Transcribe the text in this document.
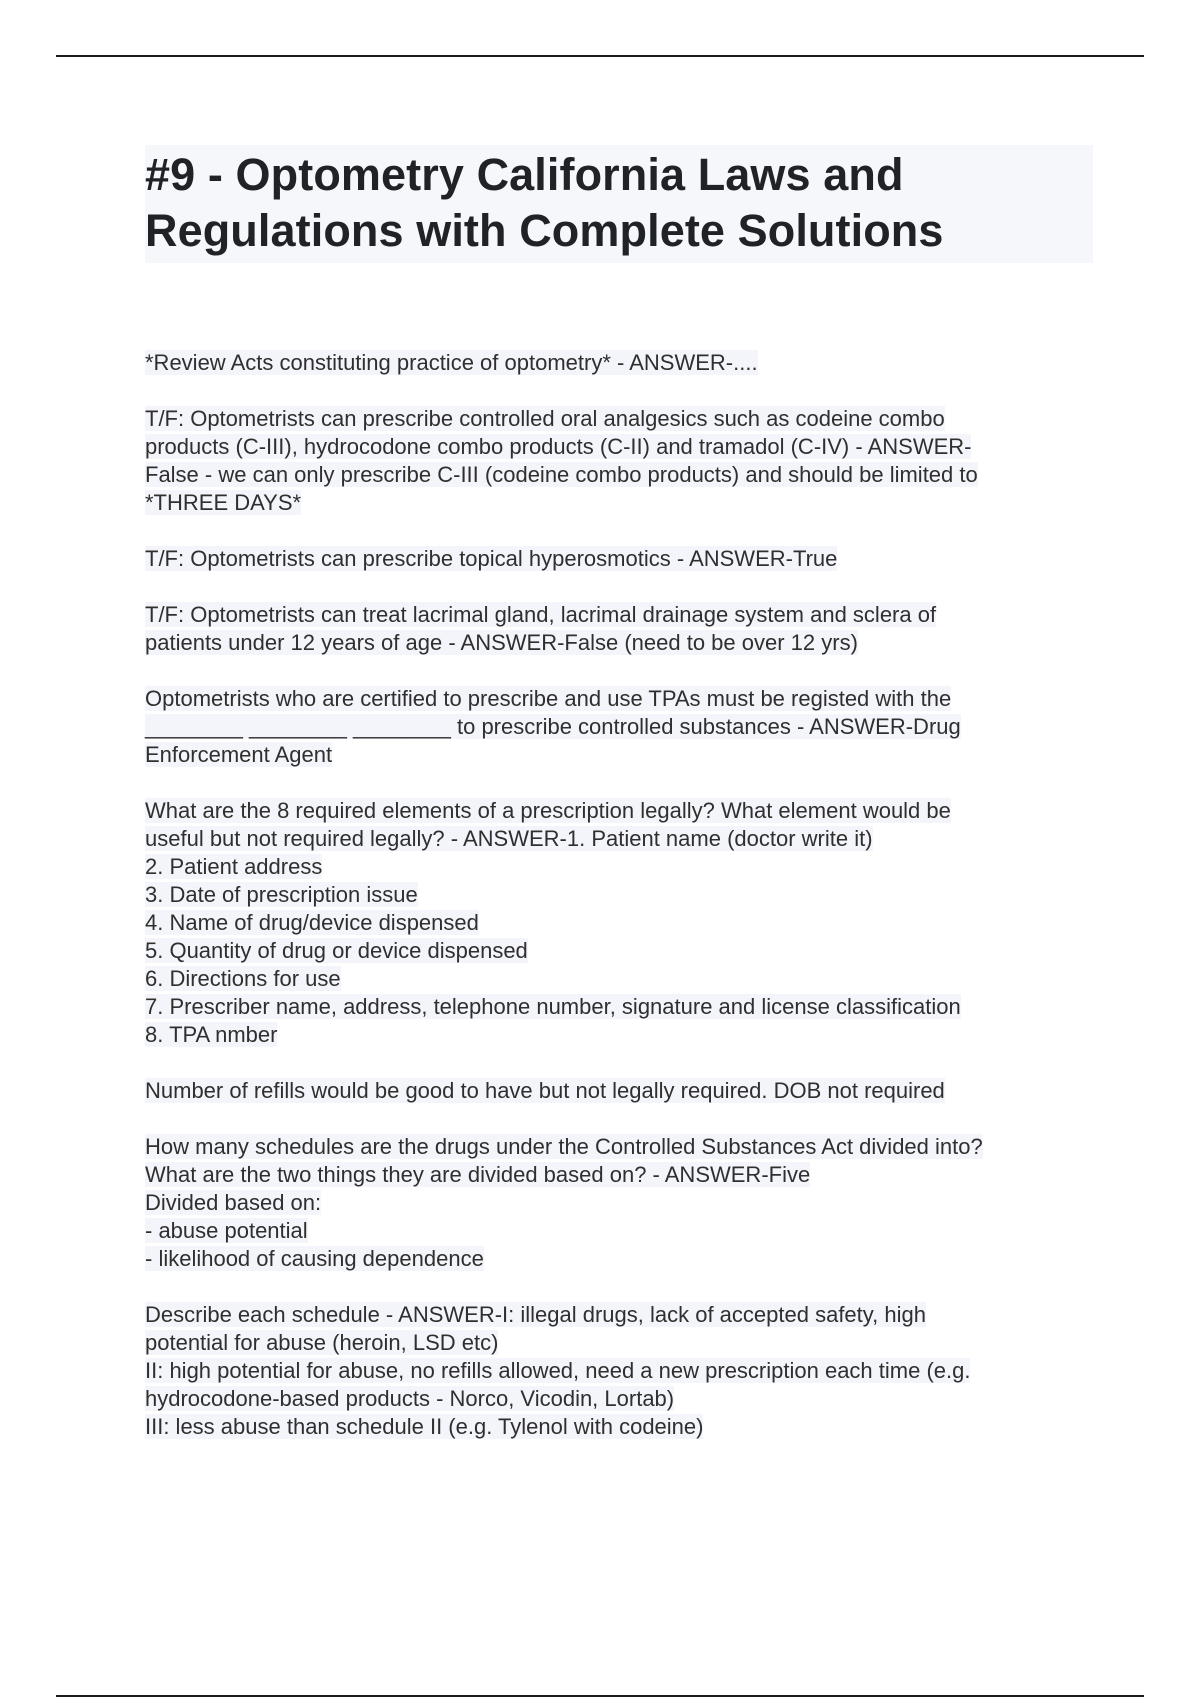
#9 - Optometry California Laws and Regulations with Complete Solutions
*Review Acts constituting practice of optometry* - ANSWER-....
T/F: Optometrists can prescribe controlled oral analgesics such as codeine combo
products (C-III), hydrocodone combo products (C-II) and tramadol (C-IV) - ANSWER-
False - we can only prescribe C-III (codeine combo products) and should be limited to
*THREE DAYS*
T/F: Optometrists can prescribe topical hyperosmotics - ANSWER-True
T/F: Optometrists can treat lacrimal gland, lacrimal drainage system and sclera of
patients under 12 years of age - ANSWER-False (need to be over 12 yrs)
Optometrists who are certified to prescribe and use TPAs must be registed with the
________ ________ ________ to prescribe controlled substances - ANSWER-Drug
Enforcement Agent
What are the 8 required elements of a prescription legally? What element would be
useful but not required legally? - ANSWER-1. Patient name (doctor write it)
2. Patient address
3. Date of prescription issue
4. Name of drug/device dispensed
5. Quantity of drug or device dispensed
6. Directions for use
7. Prescriber name, address, telephone number, signature and license classification
8. TPA nmber
Number of refills would be good to have but not legally required. DOB not required
How many schedules are the drugs under the Controlled Substances Act divided into?
What are the two things they are divided based on? - ANSWER-Five
Divided based on:
- abuse potential
- likelihood of causing dependence
Describe each schedule - ANSWER-I: illegal drugs, lack of accepted safety, high
potential for abuse (heroin, LSD etc)
II: high potential for abuse, no refills allowed, need a new prescription each time (e.g.
hydrocodone-based products - Norco, Vicodin, Lortab)
III: less abuse than schedule II (e.g. Tylenol with codeine)
